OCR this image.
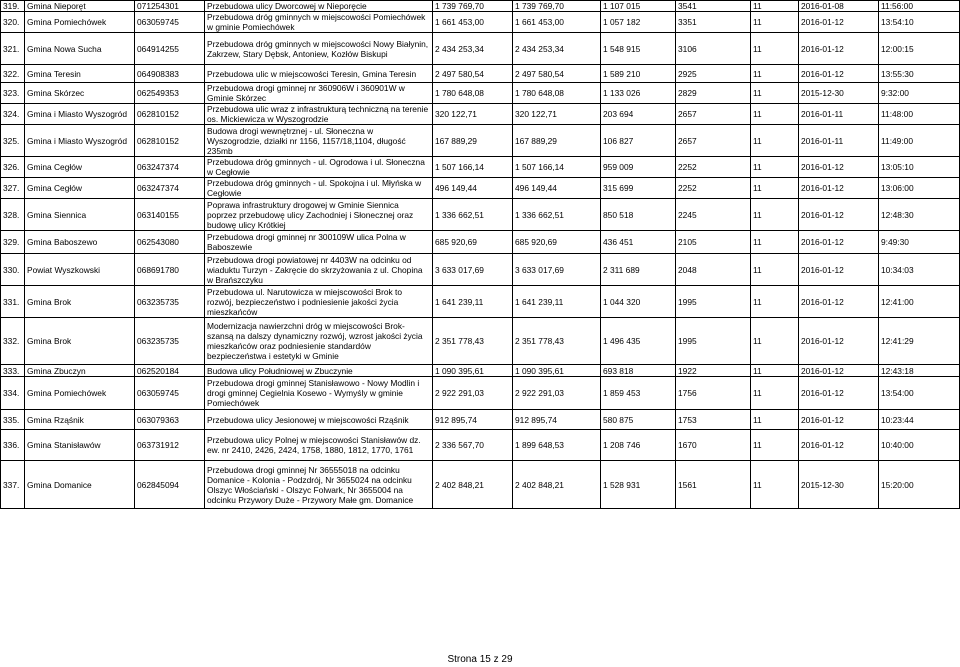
319.	Gmina Nieporęt	071254301	Przebudowa ulicy Dworcowej w Nieporęcie	1 739 769,70	1 739 769,70	1 107 015	3541	11	2016-01-08	11:56:00
320.	Gmina Pomiechówek	063059745	Przebudowa dróg gminnych w miejscowości Pomiechówek w gminie Pomiechówek	1 661 453,00	1 661 453,00	1 057 182	3351	11	2016-01-12	13:54:10
321.	Gmina Nowa Sucha	064914255	Przebudowa dróg gminnych w miejscowości Nowy Białynin, Zakrzew, Stary Dębsk, Antoniew, Kozłów Biskupi	2 434 253,34	2 434 253,34	1 548 915	3106	11	2016-01-12	12:00:15
322.	Gmina Teresin	064908383	Przebudowa ulic w miejscowości Teresin, Gmina Teresin	2 497 580,54	2 497 580,54	1 589 210	2925	11	2016-01-12	13:55:30
323.	Gmina Skórzec	062549353	Przebudowa drogi gminnej nr 360906W i 360901W w Gminie Skórzec	1 780 648,08	1 780 648,08	1 133 026	2829	11	2015-12-30	9:32:00
324.	Gmina i Miasto Wyszogród	062810152	Przebudowa ulic wraz z infrastrukturą techniczną na terenie os. Mickiewicza w Wyszogrodzie	320 122,71	320 122,71	203 694	2657	11	2016-01-11	11:48:00
325.	Gmina i Miasto Wyszogród	062810152	Budowa drogi wewnętrznej - ul. Słoneczna w Wyszogrodzie, działki nr 1156, 1157/18,1104, długość 235mb	167 889,29	167 889,29	106 827	2657	11	2016-01-11	11:49:00
326.	Gmina Cegłów	063247374	Przebudowa dróg gminnych - ul. Ogrodowa i ul. Słoneczna w Cegłowie	1 507 166,14	1 507 166,14	959 009	2252	11	2016-01-12	13:05:10
327.	Gmina Cegłów	063247374	Przebudowa dróg gminnych - ul. Spokojna i ul. Młyńska w Cegłowie	496 149,44	496 149,44	315 699	2252	11	2016-01-12	13:06:00
328.	Gmina Siennica	063140155	Poprawa infrastruktury drogowej w Gminie Siennica poprzez przebudowę ulicy Zachodniej i Słonecznej oraz budowę ulicy Krótkiej	1 336 662,51	1 336 662,51	850 518	2245	11	2016-01-12	12:48:30
329.	Gmina Baboszewo	062543080	Przebudowa drogi gminnej nr 300109W ulica Polna w Baboszewie	685 920,69	685 920,69	436 451	2105	11	2016-01-12	9:49:30
330.	Powiat Wyszkowski	068691780	Przebudowa drogi powiatowej nr 4403W na odcinku od wiaduktu Turzyn - Zakręcie do skrzyżowania z ul. Chopina w Brańszczyku	3 633 017,69	3 633 017,69	2 311 689	2048	11	2016-01-12	10:34:03
331.	Gmina Brok	063235735	Przebudowa ul. Narutowicza w miejscowości Brok to rozwój, bezpieczeństwo i podniesienie jakości życia mieszkańców	1 641 239,11	1 641 239,11	1 044 320	1995	11	2016-01-12	12:41:00
332.	Gmina Brok	063235735	Modernizacja nawierzchni dróg w miejscowości Brok-szansą na dalszy dynamiczny rozwój, wzrost jakości życia mieszkańców oraz podniesienie standardów bezpieczeństwa i estetyki w Gminie	2 351 778,43	2 351 778,43	1 496 435	1995	11	2016-01-12	12:41:29
333.	Gmina Zbuczyn	062520184	Budowa ulicy Południowej w Zbuczynie	1 090 395,61	1 090 395,61	693 818	1922	11	2016-01-12	12:43:18
334.	Gmina Pomiechówek	063059745	Przebudowa drogi gminnej Stanisławowo - Nowy Modlin i drogi gminnej Cegielnia Kosewo - Wymyśly w gminie Pomiechówek	2 922 291,03	2 922 291,03	1 859 453	1756	11	2016-01-12	13:54:00
335.	Gmina Rząśnik	063079363	Przebudowa ulicy Jesionowej w miejscowości Rząśnik	912 895,74	912 895,74	580 875	1753	11	2016-01-12	10:23:44
336.	Gmina Stanisławów	063731912	Przebudowa ulicy Polnej w miejscowości Stanisławów dz. ew. nr 2410, 2426, 2424, 1758, 1880, 1812, 1770, 1761	2 336 567,70	1 899 648,53	1 208 746	1670	11	2016-01-12	10:40:00
337.	Gmina Domanice	062845094	Przebudowa drogi gminnej Nr 36555018 na odcinku Domanice - Kolonia - Podzdrój, Nr 3655024 na odcinku Olszyc Włościański - Olszyc Folwark, Nr 3655004 na odcinku Przywory Duże - Przywory Małe gm. Domanice	2 402 848,21	2 402 848,21	1 528 931	1561	11	2015-12-30	15:20:00
Strona 15 z 29
